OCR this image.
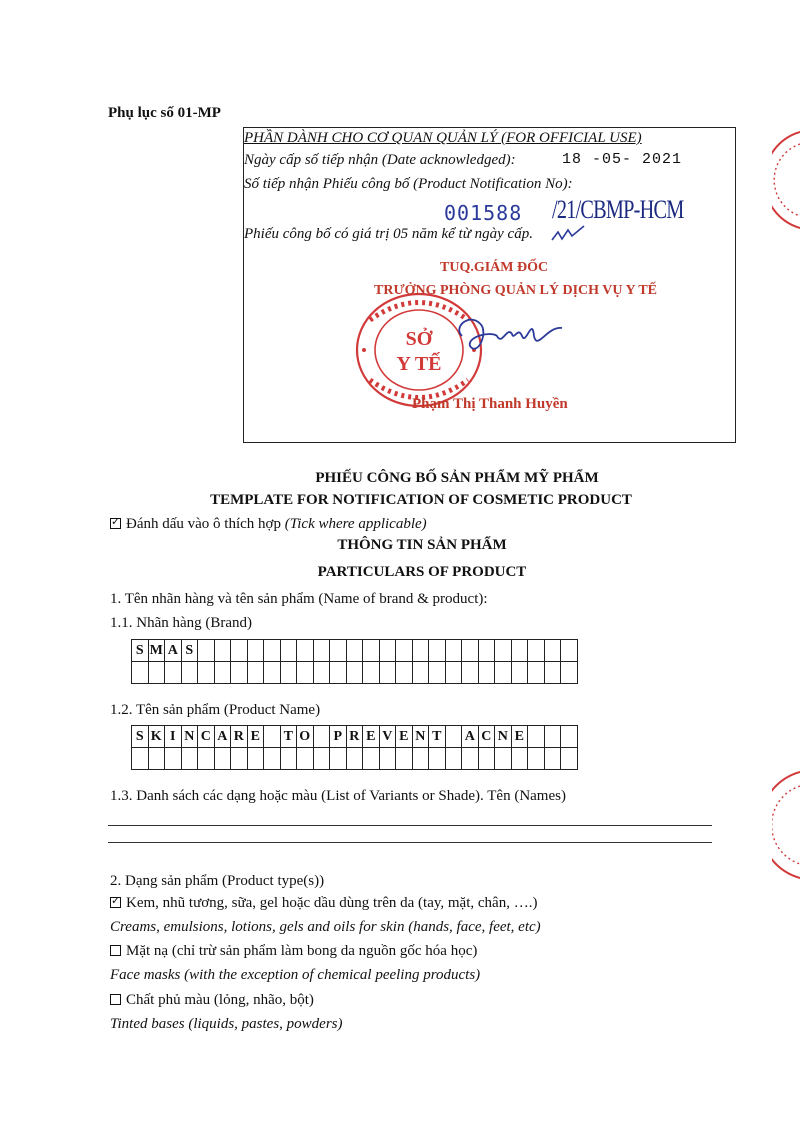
Phụ lục số 01-MP
PHẦN DÀNH CHO CƠ QUAN QUẢN LÝ (FOR OFFICIAL USE)
Ngày cấp số tiếp nhận (Date acknowledged):	18 -05- 2021
Số tiếp nhận Phiếu công bố (Product Notification No):
001588 /21/CBMP-HCM
Phiếu công bố có giá trị 05 năm kể từ ngày cấp.
SỞ
Y TẾ
TUQ.GIÁM ĐỐC
TRƯỞNG PHÒNG QUẢN LÝ DỊCH VỤ Y TẾ
Phạm Thị Thanh Huyền
PHIẾU CÔNG BỐ SẢN PHẨM MỸ PHẨM
TEMPLATE FOR NOTIFICATION OF COSMETIC PRODUCT
✓Đánh dấu vào ô thích hợp (Tick where applicable)
THÔNG TIN SẢN PHẨM
PARTICULARS OF PRODUCT
1. Tên nhãn hàng và tên sản phẩm (Name of brand & product):
1.1. Nhãn hàng (Brand)
S	M	A	S																							

1.2. Tên sản phẩm (Product Name)
S	K	I	N	C	A	R	E		T	O		P	R	E	V	E	N	T		A	C	N	E			

1.3. Danh sách các dạng hoặc màu (List of Variants or Shade). Tên (Names)
2. Dạng sản phẩm (Product type(s))
✓Kem, nhũ tương, sữa, gel hoặc dầu dùng trên da (tay, mặt, chân, ….)
Creams, emulsions, lotions, gels and oils for skin (hands, face, feet, etc)
Mặt nạ (chỉ trừ sản phẩm làm bong da nguồn gốc hóa học)
Face masks (with the exception of chemical peeling products)
Chất phủ màu (lỏng, nhão, bột)
Tinted bases (liquids, pastes, powders)
